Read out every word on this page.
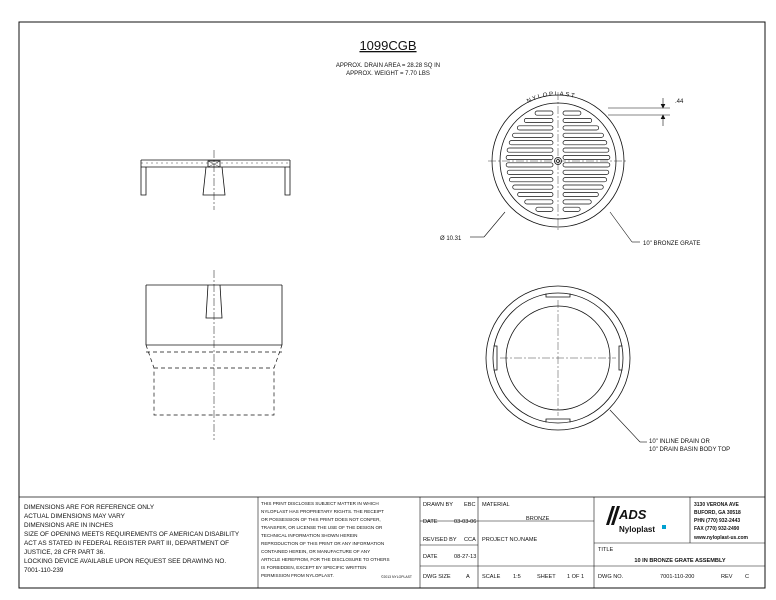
1099CGB
APPROX. DRAIN AREA = 28.28 SQ IN
APPROX. WEIGHT = 7.70 LBS
NYLOPLAST
.44
Ø 10.31
10" BRONZE GRATE
10" INLINE DRAIN OR
10" DRAIN BASIN BODY TOP
DIMENSIONS ARE FOR REFERENCE ONLY
ACTUAL DIMENSIONS MAY VARY
DIMENSIONS ARE IN INCHES
SIZE OF OPENING MEETS REQUIREMENTS OF AMERICAN DISABILITY
ACT AS STATED IN FEDERAL REGISTER PART III, DEPARTMENT OF
JUSTICE, 28 CFR PART 36.
LOCKING DEVICE AVAILABLE UPON REQUEST SEE DRAWING NO.
7001-110-239
THIS PRINT DISCLOSES SUBJECT MATTER IN WHICH
NYLOPLAST HAS PROPRIETARY RIGHTS. THE RECEIPT
OR POSSESSION OF THIS PRINT DOES NOT CONFER,
TRANSFER, OR LICENSE THE USE OF THE DESIGN OR
TECHNICAL INFORMATION SHOWN HEREIN
REPRODUCTION OF THIS PRINT OR ANY INFORMATION
CONTAINED HEREIN, OR MANUFACTURE OF ANY
ARTICLE HEREFROM, FOR THE DISCLOSURE TO OTHERS
IS FORBIDDEN, EXCEPT BY SPECIFIC WRITTEN
PERMISSION FROM NYLOPLAST.	©2013 NYLOPLAST
DRAWN BY EBC
DATE	03-03-06
REVISED BY CCA
DATE	08-27-13
DWG SIZE	A
MATERIAL
BRONZE
PROJECT NO./NAME
SCALE 1:5	SHEET 1 OF 1
ADS
Nyloplast
3130 VERONA AVE
BUFORD, GA 30518
PHN (770) 932-2443
FAX (770) 932-2490
www.nyloplast-us.com
TITLE
10 IN BRONZE GRATE ASSEMBLY
DWG NO.	7001-110-200	REV C
